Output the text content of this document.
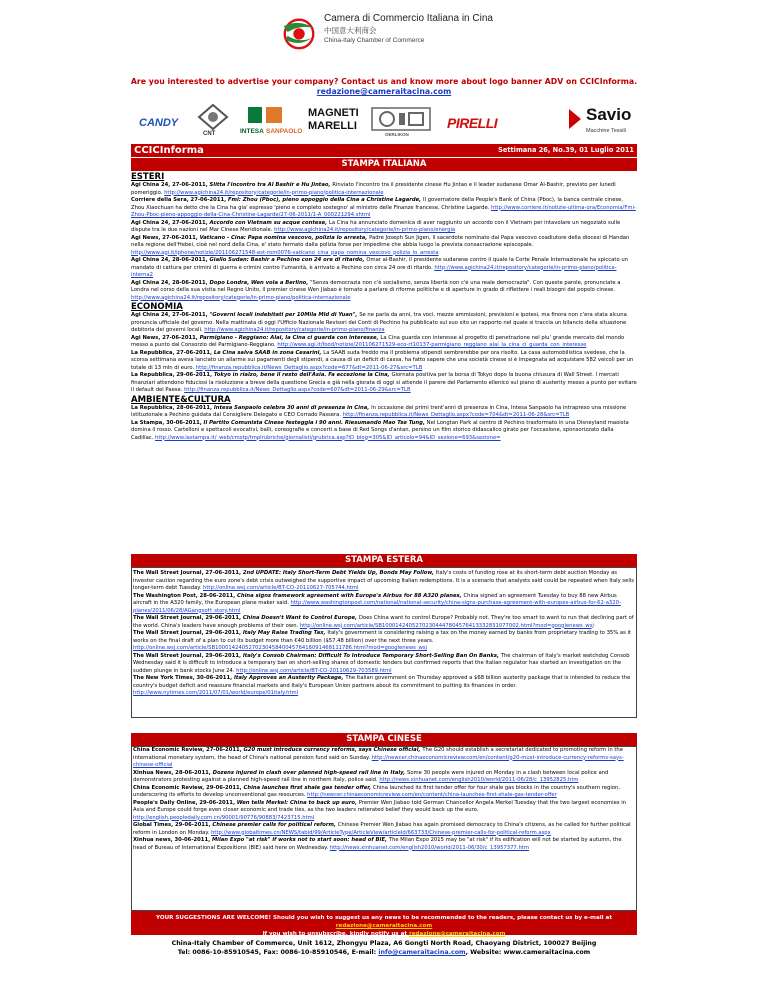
Camera di Commercio Italiana in Cina
中国意大利商会
China-Italy Chamber of Commerce
Are you interested to advertise your company? Contact us and know more about logo banner ADV on CCICInforma.
redazione@cameraitacina.com
CANDY
CNT	INTESA SANPAOLO
MAGNETI
MARELLI
OERLIKON
PIRELLI	Savio
Macchine Tessili
CCICInforma	Settimana 26, No.39, 01 Luglio 2011
STAMPA ITALIANA
ESTERI

Agi China 24, 27-06-2011, Slitta l'incontro tra Al Bashir e Hu Jintao, Rinviato l'incontro tra il presidente cinese Hu Jintao e il leader sudanese Omar Al-Bashir, previsto per lunedì pomeriggio. http://www.agichina24.it/repository/categorie/in-primo-piano/politica-internazionale

Corriere della Sera, 27-06-2011, Fmi: Zhou (Pboc), pieno appoggio della Cina a Christine Lagarde, Il governatore della People's Bank of China (Pboc), la banca centrale cinese, Zhou Xiaochuan ha detto che la Cina ha gia' espresso 'pieno e completo sostegno' al ministro delle Finanze francese, Christine Lagarde. http://www.corriere.it/notizie-ultima-ora/Economia/Fmi-Zhou-Pboc-pieno-appoggio-della-Cina-Christine-Lagarde/27-06-2011/1-A_000221294.shtml

Agi China 24, 27-06-2011, Accordo con Vietnam su acque contese, La Cina ha annunciato domenica di aver raggiunto un accordo con il Vietnam per intavolare un negoziato sulle dispute tra le due nazioni nel Mar Cinese Meridionale. http://www.agichina24.it/repository/categorie/in-primo-piano/energia

Agi News, 27-06-2011, Vaticano - Cina: Papa nomina vescovo, polizia lo arresta, Padre Joseph Sun Jigen, il sacerdote nominato dal Papa vescovo coadiutore della diocesi di Handan nella regione dell'Hebei, cioè nel nord della Cina, e' stato fermato dalla polizia forse per impedirne che abbia luogo la prevista consacrazione episcopale. http://www.agi.it/iphone/notizie/201106271548-est-rom0076-vaticano_cina_papa_nomina_vescovo_polizia_lo_arresta

Agi China 24, 28-06-2011, Giallo Sudan: Bashir a Pechino con 24 ore di ritardo, Omar al-Bashir, il presidente sudanese contro il quale la Corte Penale Internazionale ha spiccato un mandato di cattura per crimini di guerra e crimini contro l'umanità, è arrivato a Pechino con circa 24 ore di ritardo. http://www.agichina24.it/repository/categorie/in-primo-piano/politica-interna2

Agi China 24, 28-06-2011, Dopo Londra, Wen vola a Berlino, "Senza democrazia non c'è socialismo, senza libertà non c'è una reale democrazia". Con queste parole, pronunciate a Londra nel corso della sua visita nel Regno Unito, il premier cinese Wen Jiabao è tornato a parlare di riforme politiche e di aperture in grado di riflettere i reali bisogni del popolo cinese. http://www.agichina24.it/repository/categorie/in-primo-piano/politica-internazionale

ECONOMIA

Agi China 24, 27-06-2011, "Governi locali indebitati per 10Mila Mld di Yuan", Se ne parla da anni, tra voci, mezze ammissioni, previsioni e ipotesi, ma finora non c'era stata alcuna pronuncia ufficiale del governo. Nella mattinata di oggi l'Ufficio Nazionale Revisori dei Conti di Pechino ha pubblicato sul suo sito un rapporto nel quale si traccia un bilancio della situazione debitoria dei governi locali. http://www.agichina24.it/repository/categorie/in-primo-piano/finanza

Agi News, 27-06-2011, Parmigiano - Reggiano: Alai, la Cina ci guarda con interesse, La Cina guarda con interesse al progetto di penetrazione nel piu' grande mercato del mondo messo a punto dal Consorzio del Parmigiano-Reggiano. http://www.agi.it/food/notizie/201106271529-eco-rt10137-parmigiano_reggiano_alai_la_cina_ci_guarda_con_interesse

La Repubblica, 27-06-2011, Le Cina salva SAAB in zona Cesarini, La SAAB suda freddo ma il problema stipendi sembrerebbe per ora risolto. La casa automobilistica svedese, che la scorsa settimana aveva lanciato un allarme sui pagamenti degli stipendi, a causa di un deficit di cassa, ha fatto sapere che una società cinese si è impegnata ad acquistare 582 veicoli per un totale di 13 mln di euro. http://finanza.repubblica.it/News_Dettaglio.aspx?code=677&dt=2011-06-27&src=TLB

La Repubblica, 29-06-2011, Tokyo in rialzo, bene il resto dell'Asia. Fa eccezione la Cina, Giornata positiva per la borsa di Tokyo dopo la buona chiusura di Wall Street. I mercati finanziari attendono fiduciosi la risoluzione a breve della questione Grecia e già nella giorata di oggi si attende il parere del Parlamento ellenico sul piano di austerity messo a punto per evitare il default del Paese. http://finanza.repubblica.it/News_Dettaglio.aspx?code=607&dt=2011-06-29&src=TLB

AMBIENTE&CULTURA

La Repubblica, 28-06-2011, Intesa Sanpaolo celebra 30 anni di presenza in Cina, In occasione dei primi trent'anni di presenza in Cina, Intesa Sanpaolo ha intrapreso una missione istituzionale a Pechino guidata dal Consigliere Delegato e CEO Corrado Passera. http://finanza.repubblica.it/News_Dettaglio.aspx?code=704&dt=2011-06-28&src=TLB

La Stampa, 30-06-2011, Il Partito Comunista Cinese festeggia i 90 anni. Riesumando Mao Tse Tung, Nel Longtan Park al centro di Pechino trasformato in una Disneyland maoista domina il rosso. Cartelloni e spettacoli evocativi, balli, coreografie e concerti a base di Red Songs d'antan, persino un film storico didascalico girato per l'occasione, sponsorizzato dalla Cadillac. http://www.lastampa.it/_web/cmstp/tmplrubriche/giornalisti/grubrica.asp?ID_blog=305&ID_articolo=94&ID_sezione=693&sezione=

STAMPA ESTERA

The Wall Street Journal, 27-06-2011, 2nd UPDATE: Italy Short-Term Debt Yields Up, Bonds May Follow, Italy's costs of funding rose at its short-term debt auction Monday as investor caution regarding the euro zone's debt crisis outweighed the supportive impact of upcoming Italian redemptions. It is a scenario that analysts said could be repeated when Italy sells longer-term debt Tuesday. http://online.wsj.com/article/BT-CO-20110627-705744.html

The Washington Post, 28-06-2011, China signs framework agreement with Europe's Airbus for 88 A320 planes, China signed an agreement Tuesday to buy 88 new Airbus aircraft in the A320 family, the European plane maker said. http://www.washingtonpost.com/national/national-security/china-signs-purchase-agreement-with-europes-airbus-for-62-a320-planes/2011/06/28/AGangxoH_story.html

The Wall Street Journal, 29-06-2011, China Doesn't Want to Control Europe, Does China want to control Europe? Probably not. They're too smart to want to run that declining part of the world. China's leaders have enough problems of their own. http://online.wsj.com/article/SB10001424052702304447804576413332831077002.html?mod=googlenews_wsj

The Wall Street Journal, 29-06-2011, Italy May Raise Trading Tax, Italy's government is considering raising a tax on the money earned by banks from proprietary trading to 35% as it works on the final draft of a plan to cut its budget more than €40 billion ($57.48 billion) over the next three years. http://online.wsj.com/article/SB10001424052702304584004576416091468111786.html?mod=googlenews_wsj

The Wall Street Journal, 29-06-2011, Italy's Consob Chairman: Difficult To Introduce Temporary Short-Selling Ban On Banks, The chairman of Italy's market watchdog Consob Wednesday said it is difficult to introduce a temporary ban on short-selling shares of domestic lenders but confirmed reports that the Italian regulator has started an investigation on the sudden plunge in bank stocks June 24. http://online.wsj.com/article/BT-CO-20110629-703589.html

The New York Times, 30-06-2011, Italy Approves an Austerity Package, The Italian government on Thursday approved a $68 billion austerity package that is intended to reduce the country's budget deficit and reassure financial markets and Italy's European Union partners about its commitment to putting its finances in order. http://www.nytimes.com/2011/07/01/world/europe/01italy.html

STAMPA CINESE

China Economic Review, 27-06-2011, G20 must introduce currency reforms, says Chinese official, The G20 should establish a secretariat dedicated to promoting reform in the international monetary system, the head of China's national pension fund said on Sunday. http://newcer.chinaeconomicreview.com/en/content/g20-must-introduce-currency-reforms-says-chinese-official

Xinhua News, 28-06-2011, Dozens injured in clash over planned high-speed rail line in Italy, Some 30 people were injured on Monday in a clash between local police and demonstrators protesting against a planned high-speed rail line in northern Italy, police said. http://news.xinhuanet.com/english2010/world/2011-06/28/c_13952825.htm

China Economic Review, 29-06-2011, China launches first shale gas tender offer, China launched its first tender offer for four shale gas blocks in the country's southern region, underscoring its efforts to develop unconventional gas resources. http://newcer.chinaeconomicreview.com/en/content/china-launches-first-shale-gas-tender-offer

People's Daily Online, 29-06-2011, Wen tells Merkel: China to back up euro, Premier Wen Jiabao told German Chancellor Angela Merkel Tuesday that the two largest economies in Asia and Europe could forge even closer economic and trade ties, as the two leaders reiterated belief they would back up the euro. http://english.peopledaily.com.cn/90001/90776/90883/7423715.html

Global Times, 29-06-2011, Chinese premier calls for political reform, Chinese Premier Wen Jiabao has again promised democracy to China's citizens, as he called for further political reform in London on Monday. http://www.globaltimes.cn/NEWS/tabid/99/ArticleType/ArticleView/articleId/663733/Chinese-premier-calls-for-political-reform.aspx

Xinhua news, 30-06-2011, Milan Expo "at risk" if works not to start soon: head of BIE, The Milan Expo 2015 may be "at risk" if its edification will not be started by autumn, the head of Bureau of International Expositions (BIE) said here on Wednesday. http://news.xinhuanet.com/english2010/world/2011-06/30/c_13957377.htm

YOUR SUGGESTIONS ARE WELCOME! Should you wish to suggest us any news to be recommended to the readers, please contact us by e-mail at redazione@cameraitacina.com
If you wish to unsubscribe, kindly notify us at redazione@cameraitacina.com
China-Italy Chamber of Commerce, Unit 1612, Zhongyu Plaza, A6 Gongti North Road, Chaoyang District, 100027 Beijing
Tel: 0086-10-85910545, Fax: 0086-10-85910546, E-mail: info@cameraitacina.com, Website: www.cameraitacina.com
